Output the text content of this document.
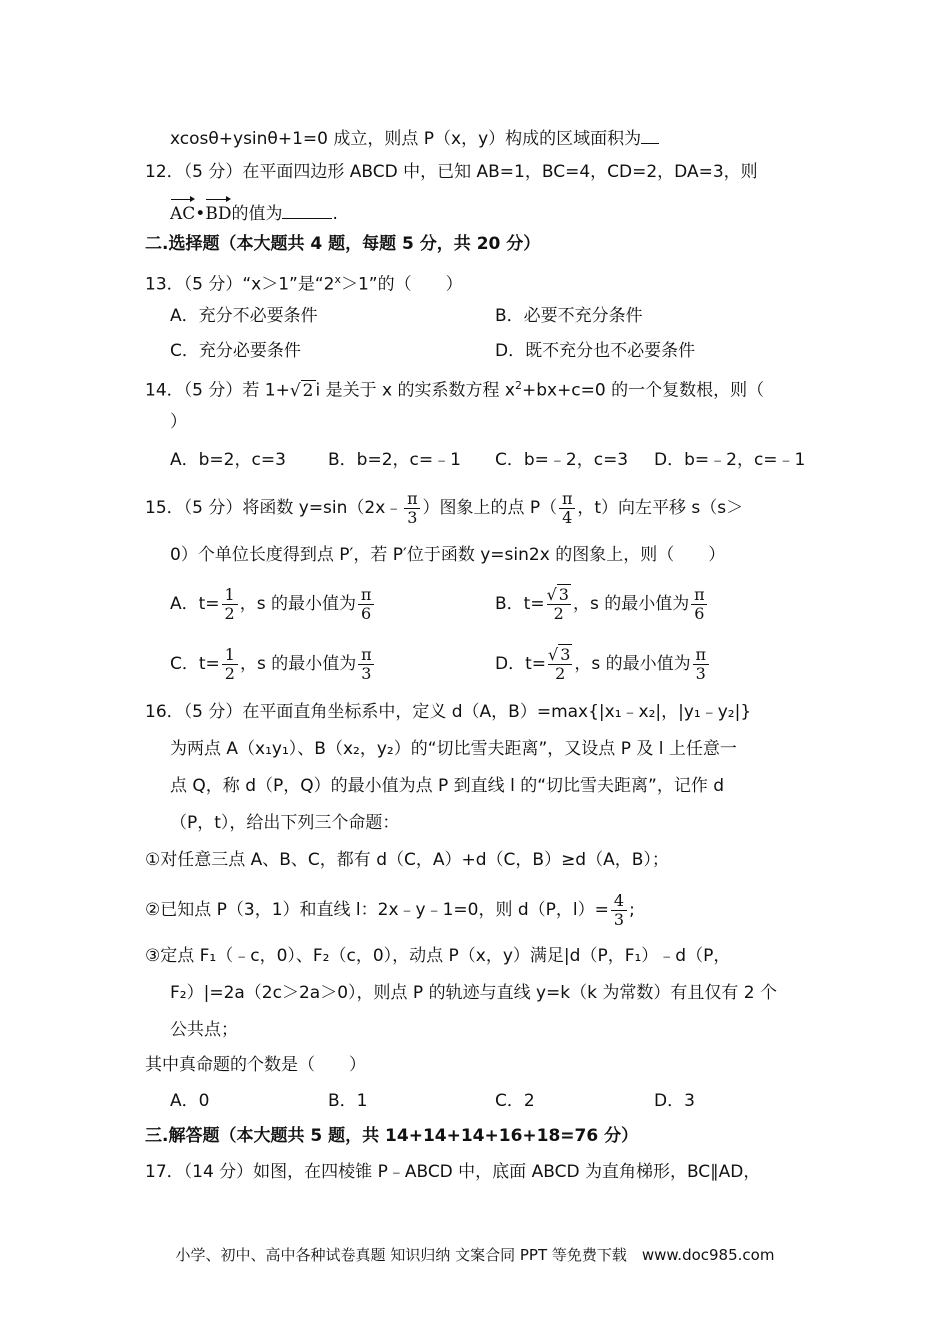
xcosθ+ysinθ+1=0 成立，则点 P（x，y）构成的区域面积为
12．（5 分）在平面四边形 ABCD 中，已知 AB=1，BC=4，CD=2，DA=3，则
AC•BD的值为	.
二.选择题（本大题共 4 题，每题 5 分，共 20 分）
13．（5 分）“x＞1”是“$2^x>1$”的（　　）
A．充分不必要条件	B．必要不充分条件
C．充分必要条件	D．既不充分也不必要条件
14．（5 分）若 1+√ 2 i 是关于 x 的实系数方程 $x^2+bx+c=0$ 的一个复数根，则（
）
A．b=2，c=3 B．b=2，c=﹣1 C．b=﹣2，c=3 D．b=﹣2，c=﹣1
15．（5 分）将函数 y=sin（2x﹣ $\frac{\pi}{3}$ ）图象上的点 $P( \frac{\pi}{4}$ ，t）向左平移 s（s＞
0）个单位长度得到点 P′，若 P′位于函数 y=sin2x 的图象上，则（　　）
A．$t= \frac{1}{2}$ ，s 的最小值为 $\frac{\pi}{6}$	B．$t= \frac{√ 3}{2}$ ，s 的最小值为 $\frac{\pi}{6}$
C．$t= \frac{1}{2}$ ，s 的最小值为 $\frac{\pi}{3}$	D．$t= \frac{√ 3}{2}$ ，s 的最小值为 $\frac{\pi}{3}$
16．（5 分）在平面直角坐标系中，定义 d（A，B）=max{|x₁﹣x₂|，|y₁﹣y₂|}
为两点 A（x₁y₁）、B（x₂，y₂）的“切比雪夫距离”，又设点 P 及 l 上任意一
点 Q，称 d（P，Q）的最小值为点 P 到直线 l 的“切比雪夫距离”，记作 d
（P，t），给出下列三个命题：
①对任意三点 A、B、C，都有 d（C，A）+d（C，B）≥d（A，B）；
②已知点 P（3，1）和直线 l：2x﹣y﹣1=0，则 d（P，$l)= \frac{4}{3}$ ;
③定点 F₁（﹣c，0）、F₂（c，0），动点 P（x，y）满足|d（P，F₁）﹣d（P，
F₂）|=2a（2c＞2a＞0），则点 P 的轨迹与直线 y=k（k 为常数）有且仅有 2 个
公共点；
其中真命题的个数是（　　）
A．0	B．1	C．2	D．3
三.解答题（本大题共 5 题，共 14+14+14+16+18=76 分）
17．（14 分）如图，在四棱锥 P﹣ABCD 中，底面 ABCD 为直角梯形，BC∥AD，
小学、初中、高中各种试卷真题 知识归纳 文案合同 PPT 等免费下载　www.doc985.com
